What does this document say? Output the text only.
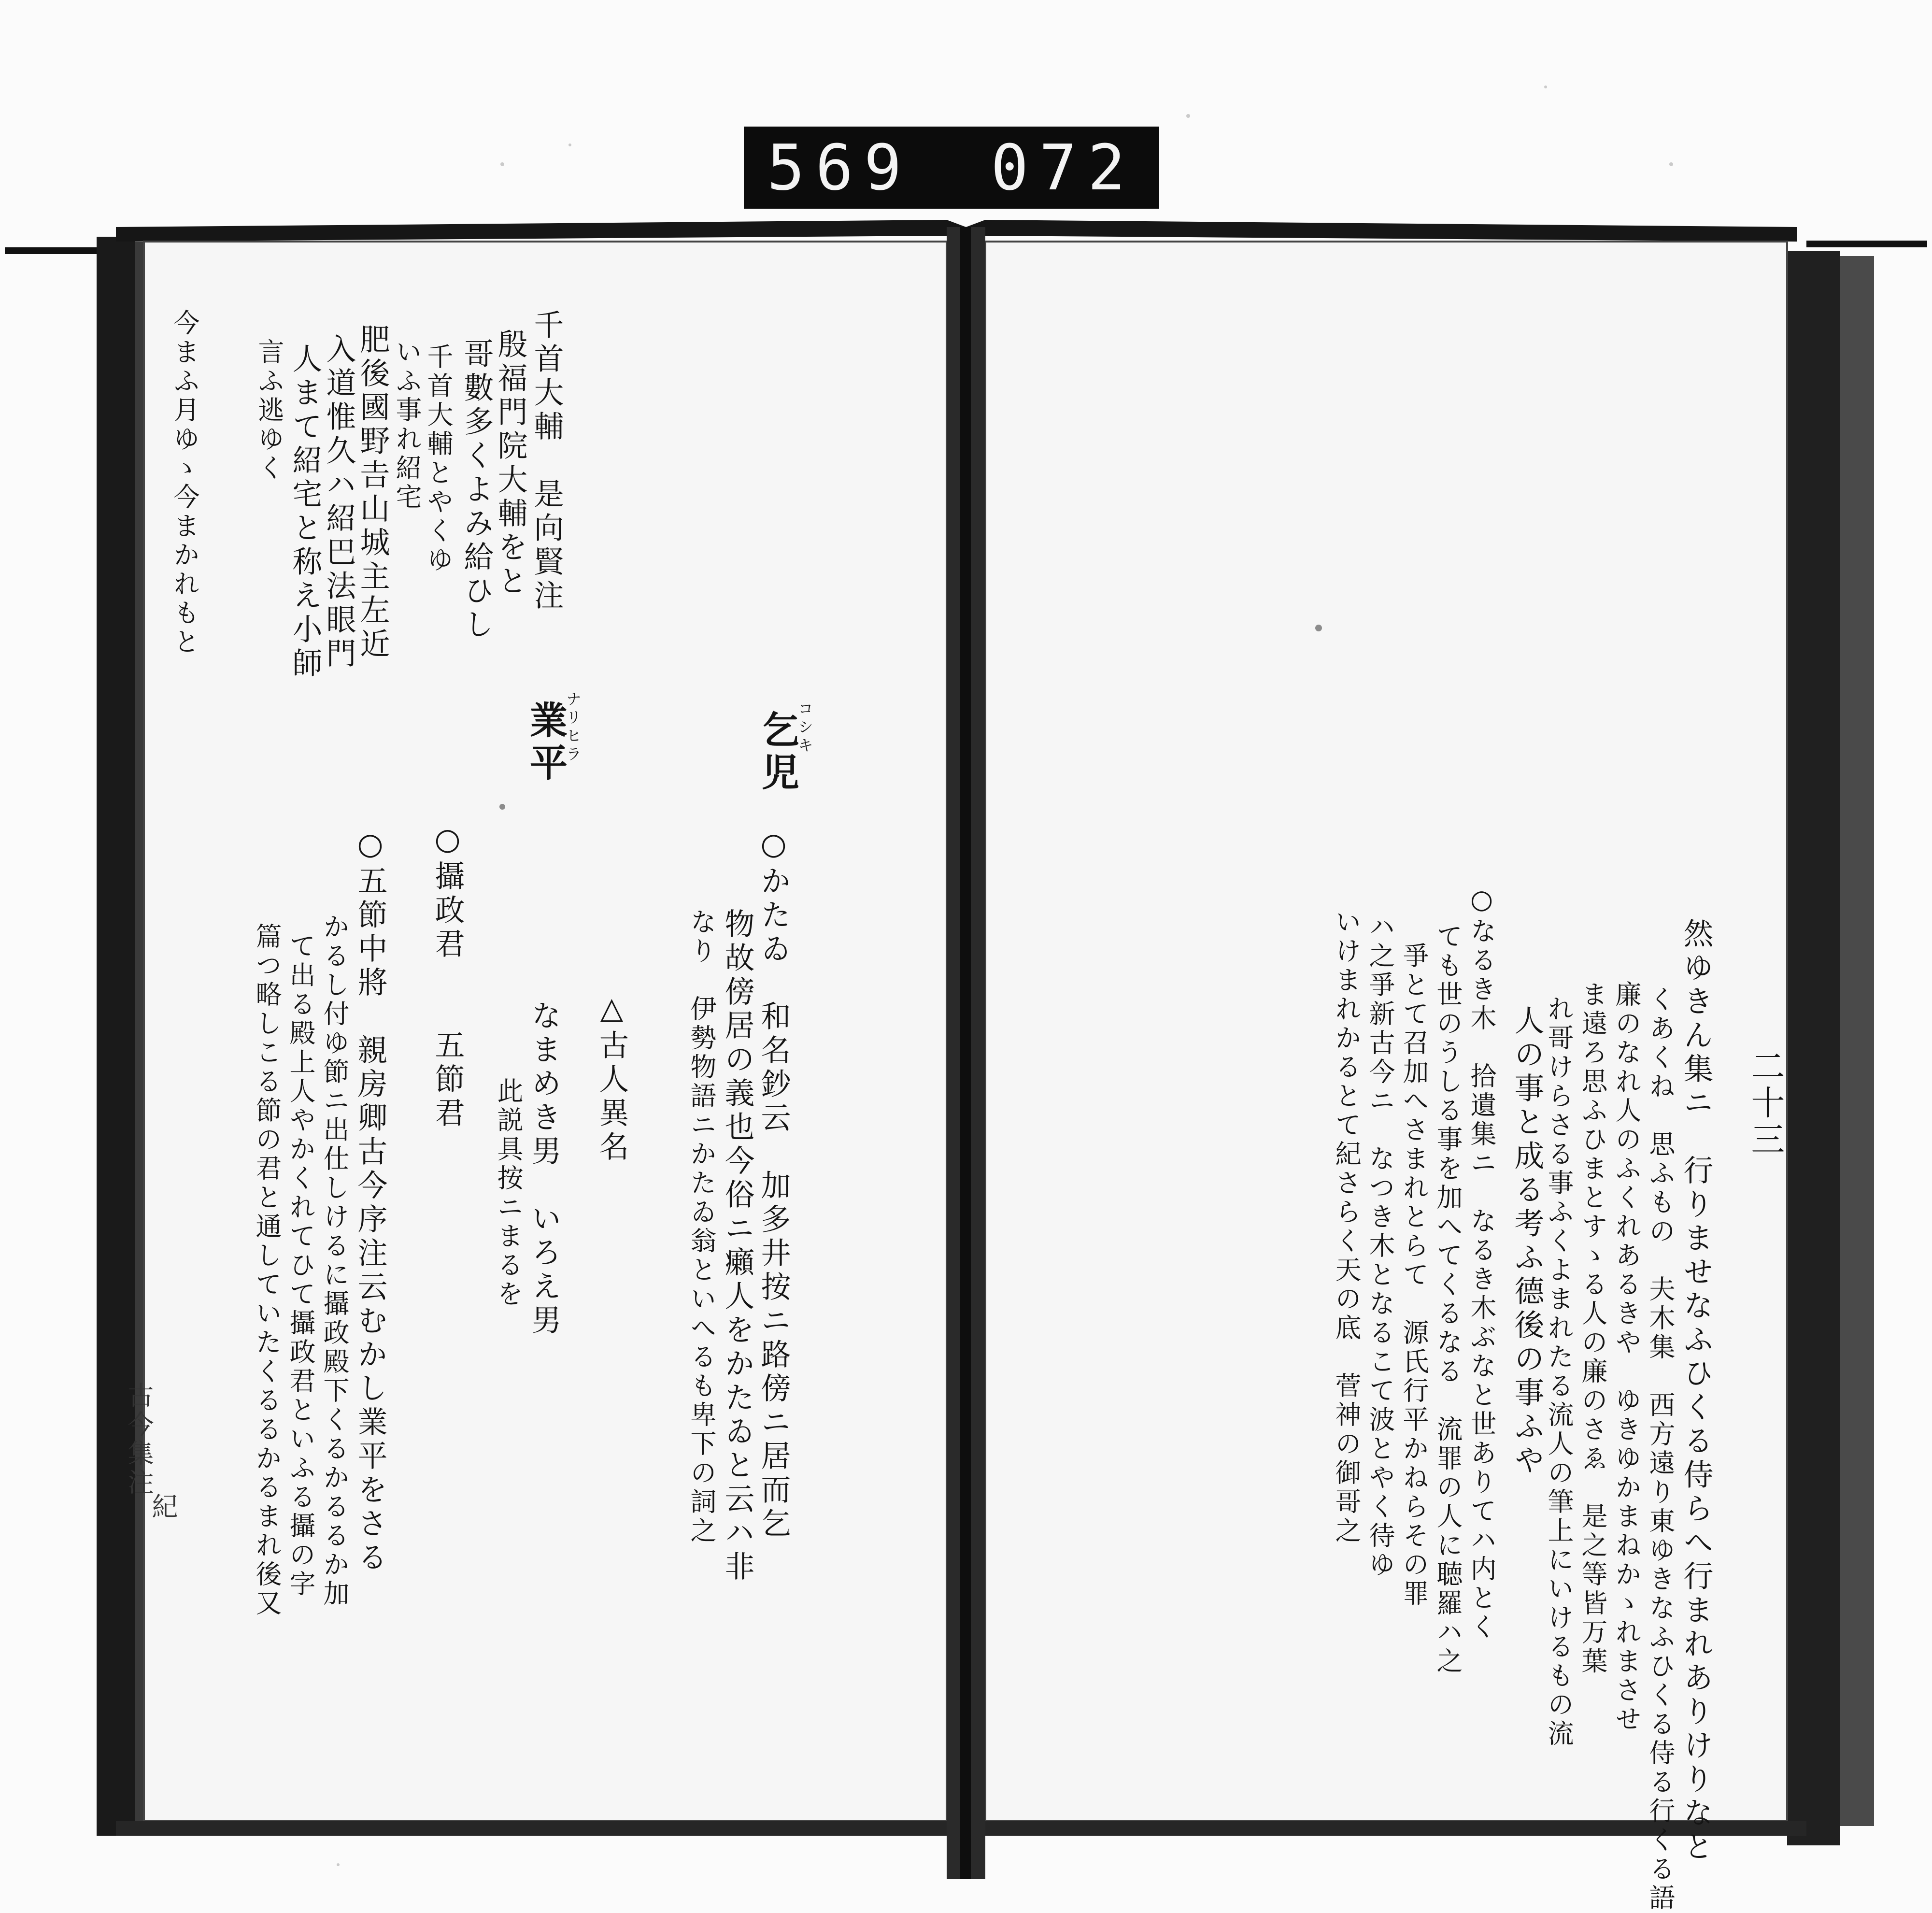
569 072
千首大輔　是向賢注
殷福門院大輔をと
哥數多くよみ給ひし
千首大輔とやくゆ
いふ事れ紹宅
肥後國野𠮷山城主左近
入道惟久ハ紹巴法眼門
人まて紹宅と称え小師
言ふ逃ゆく
今まふ月ゆゝ今まかれもと
乞児
コシキ
業平
ナリヒラ
○かたゐ　和名鈔云　加多井按ニ路傍ニ居而乞
物故傍居の義也今俗ニ癩人をかたゐと云ハ非
なり　伊勢物語ニかたゐ翁といへるも卑下の詞之
△古人異名
なまめき男　いろえ男
此説具按ニまるを
○攝政君　　五節君
○五節中將　親房卿古今序注云むかし業平をさる
かるし付ゆ節ニ出仕しけるに攝政殿下くるかるるか加
て出る殿上人やかくれてひて攝政君といふる攝の字
篇つ略しこる節の君と通していたくるるかるまれ後又
古今集注
紀
二十三
然ゆきん集ニ　行りませなふひくる侍らへ行まれありけりなと
くあくね　思ふもの　夫木集　西方遠り東ゆきなふひくる侍る行くる語
廉のなれ人のふくれあるきや　ゆきゆかまねかゝれまさせ
ま遠ろ思ふひまとすゝる人の廉のさゑ　是之等皆万葉
れ哥けらさる事ふくよまれたる流人の筆上にいけるもの流
人の事と成る考ふ德後の事ふや
○なるき木　拾遺集ニ　なるき木ぶなと世ありてハ内とく
ても世のうしる事を加へてくるなる　流罪の人に聴羅ハ之
爭とて召加へさまれとらて　源氏行平かねらその罪
ハ之爭新古今ニ　なつき木となるこて波とやく待ゆ
いけまれかるとて紀さらく天の底　菅神の御哥之
